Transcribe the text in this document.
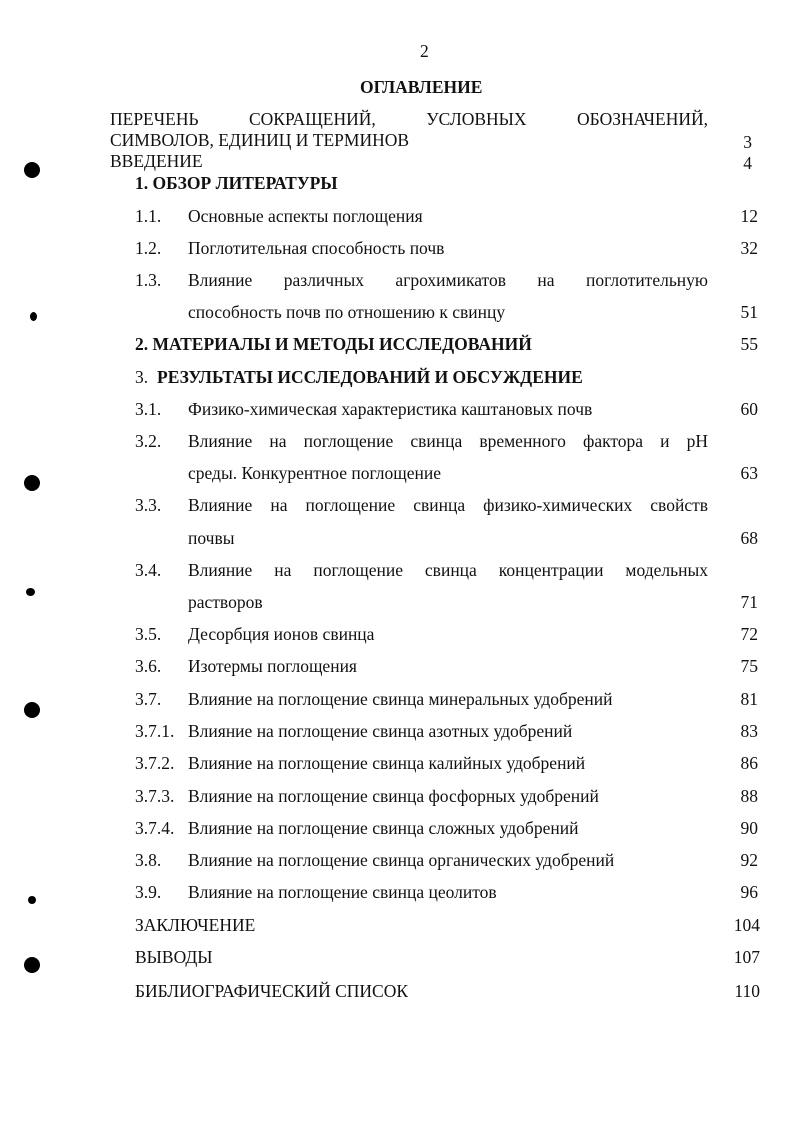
2
ОГЛАВЛЕНИЕ
ПЕРЕЧЕНЬ СОКРАЩЕНИЙ, УСЛОВНЫХ ОБОЗНАЧЕНИЙ,
СИМВОЛОВ, ЕДИНИЦ И ТЕРМИНОВ	3
ВВЕДЕНИЕ	4
1. ОБЗОР ЛИТЕРАТУРЫ
1.1. Основные аспекты поглощения	12
1.2. Поглотительная способность почв	32
1.3. Влияние различных агрохимикатов на поглотительную
способность почв по отношению к свинцу	51
2. МАТЕРИАЛЫ И МЕТОДЫ ИССЛЕДОВАНИЙ	55
3. РЕЗУЛЬТАТЫ ИССЛЕДОВАНИЙ И ОБСУЖДЕНИЕ
3.1. Физико-химическая характеристика каштановых почв	60
3.2. Влияние на поглощение свинца временного фактора и pH
среды. Конкурентное поглощение	63
3.3. Влияние на поглощение свинца физико-химических свойств
почвы	68
3.4. Влияние на поглощение свинца концентрации модельных
растворов	71
3.5. Десорбция ионов свинца	72
3.6. Изотермы поглощения	75
3.7. Влияние на поглощение свинца минеральных удобрений	81
3.7.1. Влияние на поглощение свинца азотных удобрений	83
3.7.2. Влияние на поглощение свинца калийных удобрений	86
3.7.3. Влияние на поглощение свинца фосфорных удобрений	88
3.7.4. Влияние на поглощение свинца сложных удобрений	90
3.8. Влияние на поглощение свинца органических удобрений	92
3.9. Влияние на поглощение свинца цеолитов	96
ЗАКЛЮЧЕНИЕ	104
ВЫВОДЫ	107
БИБЛИОГРАФИЧЕСКИЙ СПИСОК	110
